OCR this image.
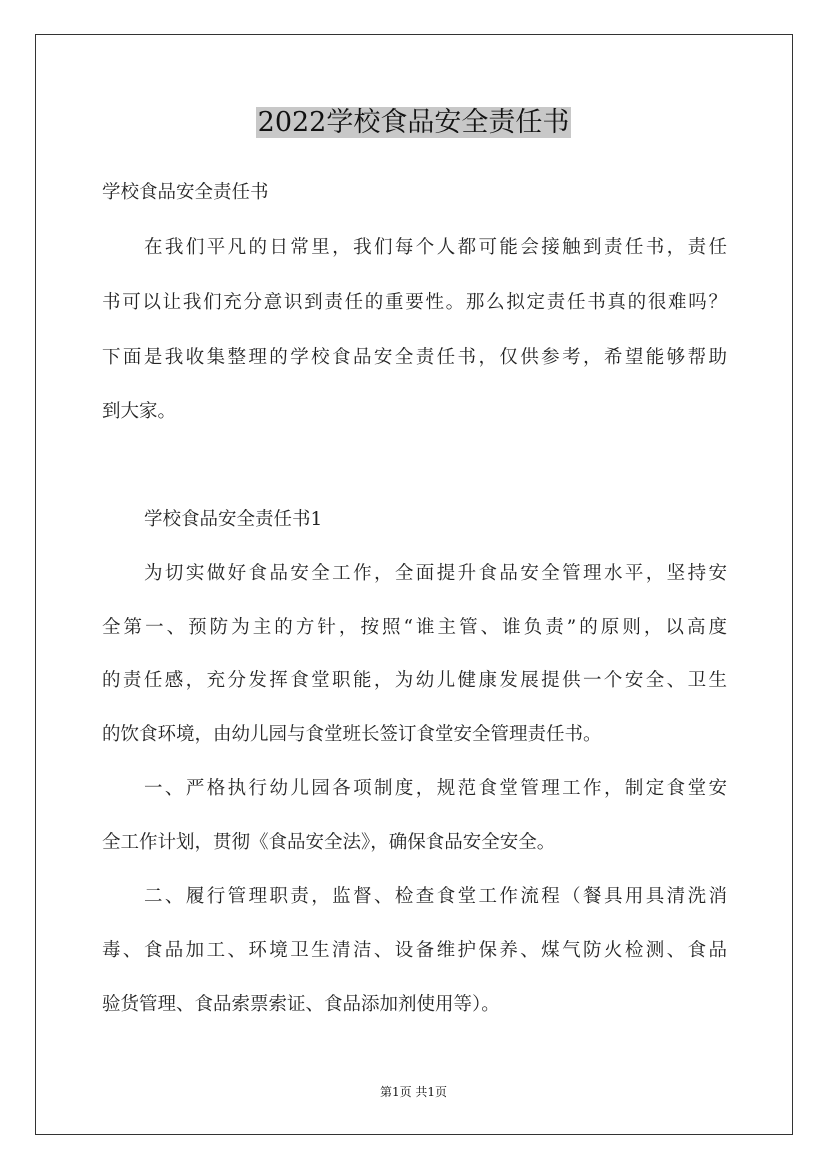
2022学校食品安全责任书
学校食品安全责任书
在我们平凡的日常里，我们每个人都可能会接触到责任书，责任
书可以让我们充分意识到责任的重要性。那么拟定责任书真的很难吗？
下面是我收集整理的学校食品安全责任书，仅供参考，希望能够帮助
到大家。
学校食品安全责任书1
为切实做好食品安全工作，全面提升食品安全管理水平，坚持安
全第一、预防为主的方针，按照“谁主管、谁负责”的原则，以高度
的责任感，充分发挥食堂职能，为幼儿健康发展提供一个安全、卫生
的饮食环境，由幼儿园与食堂班长签订食堂安全管理责任书。
一、严格执行幼儿园各项制度，规范食堂管理工作，制定食堂安
全工作计划，贯彻《食品安全法》，确保食品安全安全。
二、履行管理职责，监督、检查食堂工作流程（餐具用具清洗消
毒、食品加工、环境卫生清洁、设备维护保养、煤气防火检测、食品
验货管理、食品索票索证、食品添加剂使用等）。
第1页 共1页
